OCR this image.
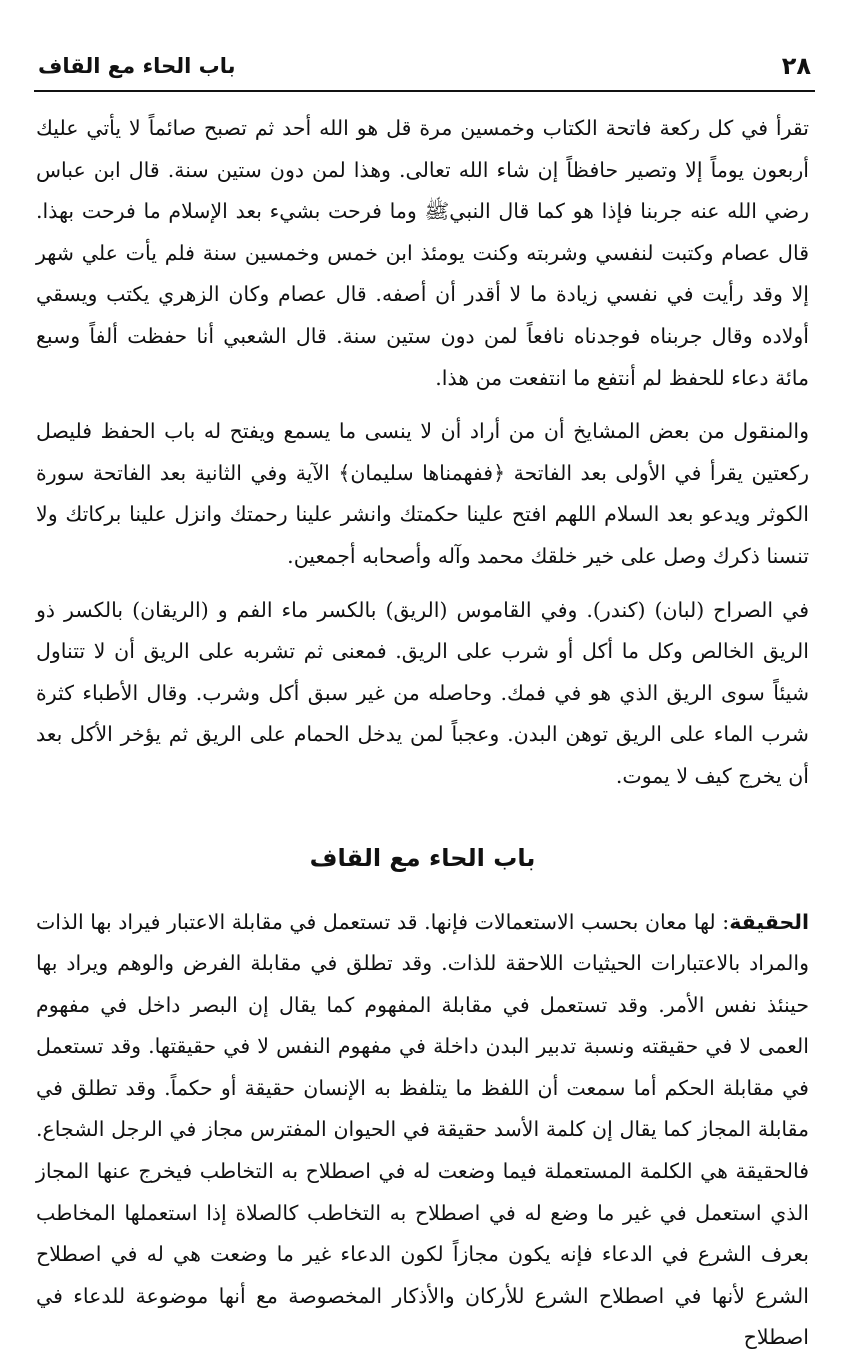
٢٨
باب الحاء مع القاف

تقرأ في كل ركعة فاتحة الكتاب وخمسين مرة قل هو الله أحد ثم تصبح صائماً لا يأتي عليك أربعون يوماً إلا وتصير حافظاً إن شاء الله تعالى. وهذا لمن دون ستين سنة. قال ابن عباس رضي الله عنه جربنا فإذا هو كما قال النبيﷺ وما فرحت بشيء بعد الإسلام ما فرحت بهذا. قال عصام وكتبت لنفسي وشربته وكنت يومئذ ابن خمس وخمسين سنة فلم يأت علي شهر إلا وقد رأيت في نفسي زيادة ما لا أقدر أن أصفه. قال عصام وكان الزهري يكتب ويسقي أولاده وقال جربناه فوجدناه نافعاً لمن دون ستين سنة. قال الشعبي أنا حفظت ألفاً وسبع مائة دعاء للحفظ لم أنتفع ما انتفعت من هذا.

والمنقول من بعض المشايخ أن من أراد أن لا ينسى ما يسمع ويفتح له باب الحفظ فليصل ركعتين يقرأ في الأولى بعد الفاتحة ﴿ففهمناها سليمان﴾ الآية وفي الثانية بعد الفاتحة سورة الكوثر ويدعو بعد السلام اللهم افتح علينا حكمتك وانشر علينا رحمتك وانزل علينا بركاتك ولا تنسنا ذكرك وصل على خير خلقك محمد وآله وأصحابه أجمعين.

في الصراح (لبان) (كندر). وفي القاموس (الريق) بالكسر ماء الفم و (الريقان) بالكسر ذو الريق الخالص وكل ما أكل أو شرب على الريق. فمعنى ثم تشربه على الريق أن لا تتناول شيئاً سوى الريق الذي هو في فمك. وحاصله من غير سبق أكل وشرب. وقال الأطباء كثرة شرب الماء على الريق توهن البدن. وعجباً لمن يدخل الحمام على الريق ثم يؤخر الأكل بعد أن يخرج كيف لا يموت.

باب الحاء مع القاف

الحقيقة: لها معان بحسب الاستعمالات فإنها. قد تستعمل في مقابلة الاعتبار فيراد بها الذات والمراد بالاعتبارات الحيثيات اللاحقة للذات. وقد تطلق في مقابلة الفرض والوهم ويراد بها حينئذ نفس الأمر. وقد تستعمل في مقابلة المفهوم كما يقال إن البصر داخل في مفهوم العمى لا في حقيقته ونسبة تدبير البدن داخلة في مفهوم النفس لا في حقيقتها. وقد تستعمل في مقابلة الحكم أما سمعت أن اللفظ ما يتلفظ به الإنسان حقيقة أو حكماً. وقد تطلق في مقابلة المجاز كما يقال إن كلمة الأسد حقيقة في الحيوان المفترس مجاز في الرجل الشجاع. فالحقيقة هي الكلمة المستعملة فيما وضعت له في اصطلاح به التخاطب فيخرج عنها المجاز الذي استعمل في غير ما وضع له في اصطلاح به التخاطب كالصلاة إذا استعملها المخاطب بعرف الشرع في الدعاء فإنه يكون مجازاً لكون الدعاء غير ما وضعت هي له في اصطلاح الشرع لأنها في اصطلاح الشرع للأركان والأذكار المخصوصة مع أنها موضوعة للدعاء في اصطلاح
